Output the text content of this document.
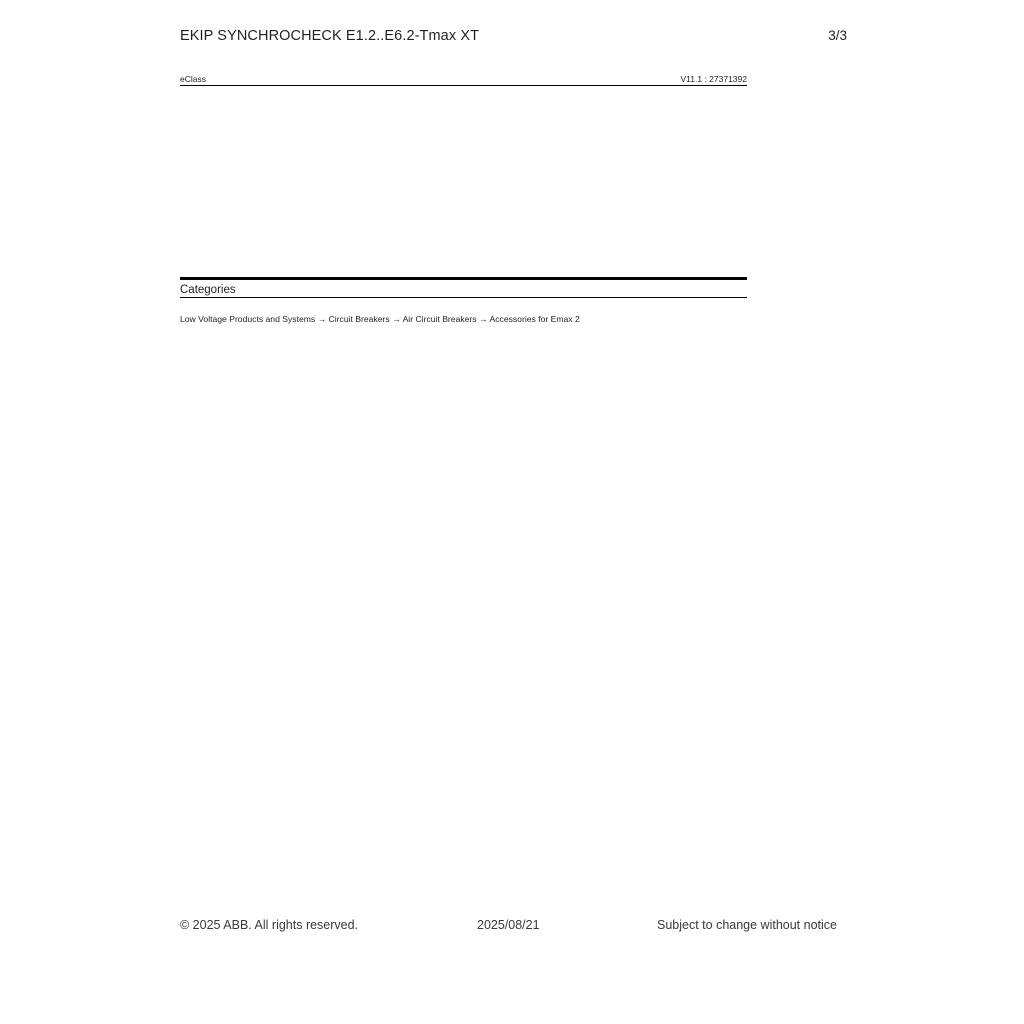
EKIP SYNCHROCHECK E1.2..E6.2-Tmax XT	3/3
eClass	V11.1 : 27371392
Categories
Low Voltage Products and Systems → Circuit Breakers → Air Circuit Breakers → Accessories for Emax 2
© 2025 ABB. All rights reserved.	2025/08/21	Subject to change without notice
